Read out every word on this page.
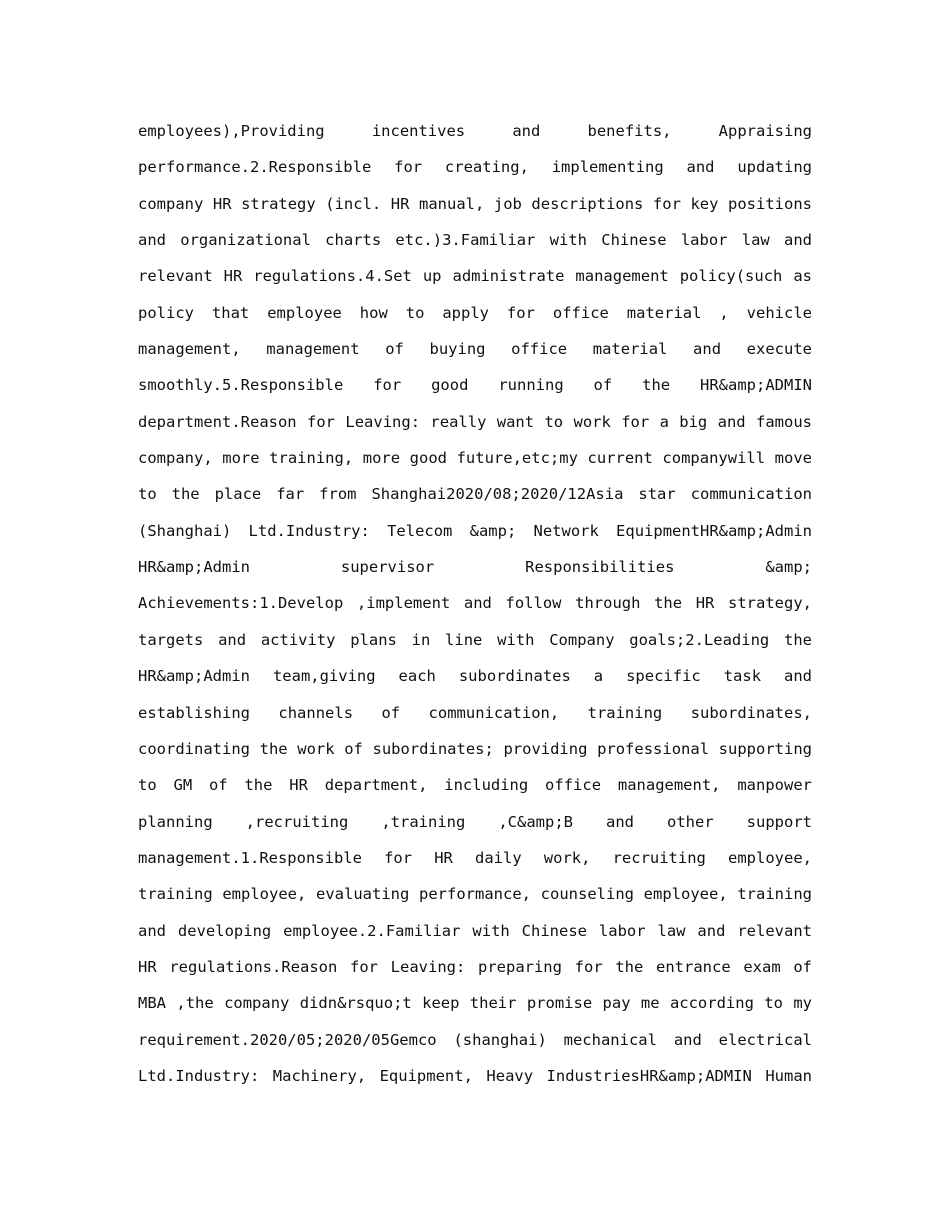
employees),Providing incentives and benefits, Appraising
performance.2.Responsible for creating, implementing and updating
company HR strategy (incl. HR manual, job descriptions for key positions
and organizational charts etc.)3.Familiar with Chinese labor law and
relevant HR regulations.4.Set up administrate management policy(such as
policy that employee how to apply for office material , vehicle
management, management of buying office material and execute
smoothly.5.Responsible for good running of the HR&amp;ADMIN
department.Reason for Leaving: really want to work for a big and famous
company, more training, more good future,etc;my current companywill move
to the place far from Shanghai2020/08;2020/12Asia star communication
(Shanghai) Ltd.Industry: Telecom &amp; Network EquipmentHR&amp;Admin
HR&amp;Admin supervisor Responsibilities &amp;
Achievements:1.Develop ,implement and follow through the HR strategy,
targets and activity plans in line with Company goals;2.Leading the
HR&amp;Admin team,giving each subordinates a specific task and
establishing channels of communication, training subordinates,
coordinating the work of subordinates; providing professional supporting
to GM of the HR department, including office management, manpower
planning ,recruiting ,training ,C&amp;B and other support
management.1.Responsible for HR daily work, recruiting employee,
training employee, evaluating performance, counseling employee, training
and developing employee.2.Familiar with Chinese labor law and relevant
HR regulations.Reason for Leaving: preparing for the entrance exam of
MBA ,the company didn&rsquo;t keep their promise pay me according to my
requirement.2020/05;2020/05Gemco (shanghai) mechanical and electrical
Ltd.Industry: Machinery, Equipment, Heavy IndustriesHR&amp;ADMIN Human
